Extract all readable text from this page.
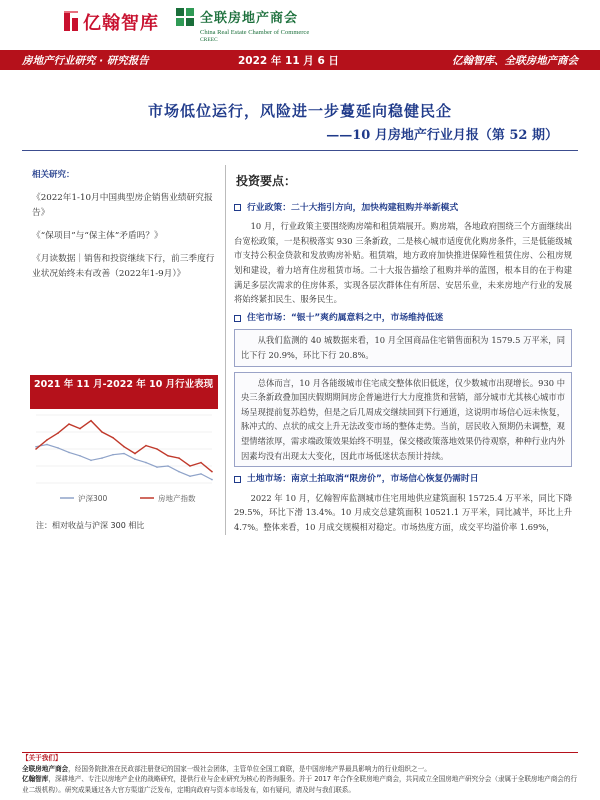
亿翰智库	全联房地产商会
China Real Estate Chamber of Commerce
CREEC
房地产行业研究 · 研究报告	2022 年 11 月 6 日	亿翰智库、全联房地产商会
市场低位运行，风险进一步蔓延向稳健民企
——10 月房地产行业月报（第 52 期）
相关研究：
《2022年1-10月中国典型房企销售业绩研究报告》
《“保项目”与“保主体”矛盾吗？》
《月读数据｜销售和投资继续下行，前三季度行业状况始终未有改善（2022年1-9月）》
2021 年 11 月-2022 年 10 月行业表现
沪深300	房地产指数
注：相对收益与沪深 300 相比
投资要点：
行业政策：二十大指引方向，加快构建租购并举新模式
10 月，行业政策主要围绕购房端和租赁端展开。购房端，各地政府围绕三个方面继续出台宽松政策，一是积极落实 930 三条新政，二是核心城市适度优化购房条件，三是低能级城市支持公积金贷款和发放购房补贴。租赁端，地方政府加快推进保障性租赁住房、公租房规划和建设，着力培育住房租赁市场。二十大报告描绘了租购并举的蓝图，根本目的在于构建满足多层次需求的住房体系，实现各层次群体住有所居、安居乐业，未来房地产行业的发展将始终紧扣民生、服务民生。
住宅市场：“银十”爽约属意料之中，市场维持低迷
从我们监测的 40 城数据来看，10 月全国商品住宅销售面积为 1579.5 万平米，同比下行 20.9%，环比下行 20.8%。
总体而言，10 月各能级城市住宅成交整体依旧低迷，仅少数城市出现增长。930 中央三条新政叠加国庆假期期间房企普遍进行大力度推货和营销，部分城市尤其核心城市市场呈现提前复苏趋势，但是之后几周成交继续回到下行通道，这说明市场信心远未恢复，脉冲式的、点状的成交上升无法改变市场的整体走势。当前，居民收入预期仍未调整，观望情绪浓厚，需求端政策效果始终不明显，保交楼政策落地效果仍待观察，种种行业内外因素均没有出现太大变化，因此市场低迷状态预计持续。
土地市场：南京土拍取消“限房价”，市场信心恢复仍需时日
2022 年 10 月，亿翰智库监测城市住宅用地供应建筑面积 15725.4 万平米，同比下降 29.5%，环比下滑 13.4%。10 月成交总建筑面积 10521.1 万平米，同比减半，环比上升 4.7%。整体来看，10 月成交规模相对稳定。市场热度方面，成交平均溢价率 1.69%，
【关于我们】
全联房地产商会，经国务院批准在民政部注册登记的国家一级社会团体，主管单位全国工商联，是中国房地产界最具影响力的行业组织之一。
亿翰智库，深耕地产、专注以房地产企业的战略研究，提供行业与企业研究为核心的咨询服务。并于 2017 年合作全联房地产商会，共同成立全国房地产研究分会（隶属于全联房地产商会的行业二级机构）。研究成果通过各大官方渠道广泛发布，定期向政府与资本市场发布，如有疑问，请及时与我们联系。
